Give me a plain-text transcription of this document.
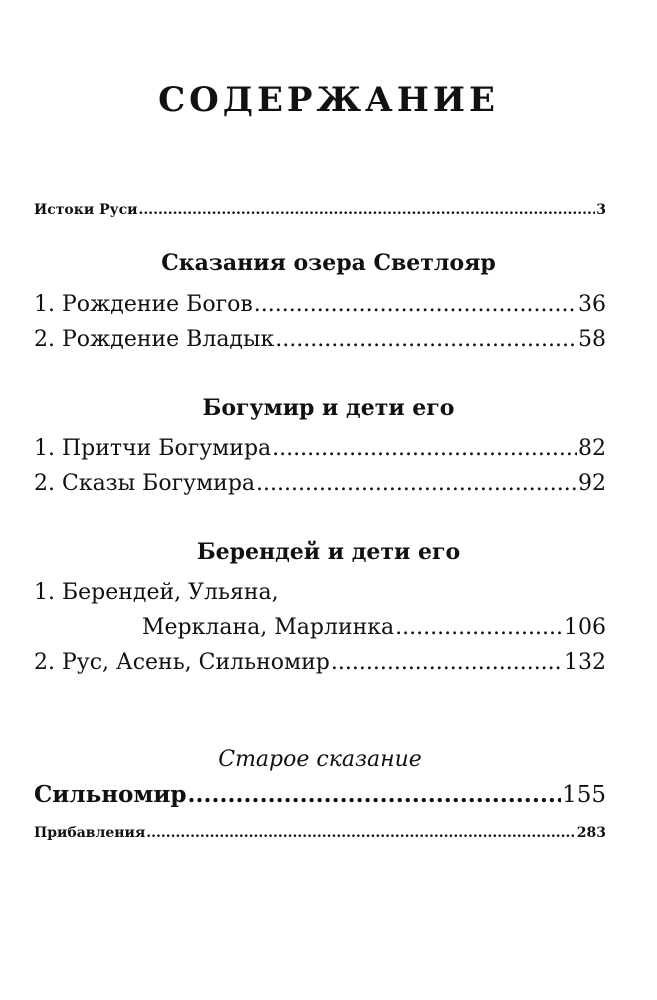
СОДЕРЖАНИЕ
Истоки Руси .....	3
Сказания озера Светлояр
1. Рождение Богов .....	36
2. Рождение Владык .....	58
Богумир и дети его
1. Притчи Богумира .....	82
2. Сказы Богумира .....	92
Берендей и дети его
1. Берендей, Ульяна,
Мерклана, Марлинка .....	106
2. Рус, Асень, Сильномир .....	132
Старое сказание
Сильномир .....	155
Прибавления .....	283
